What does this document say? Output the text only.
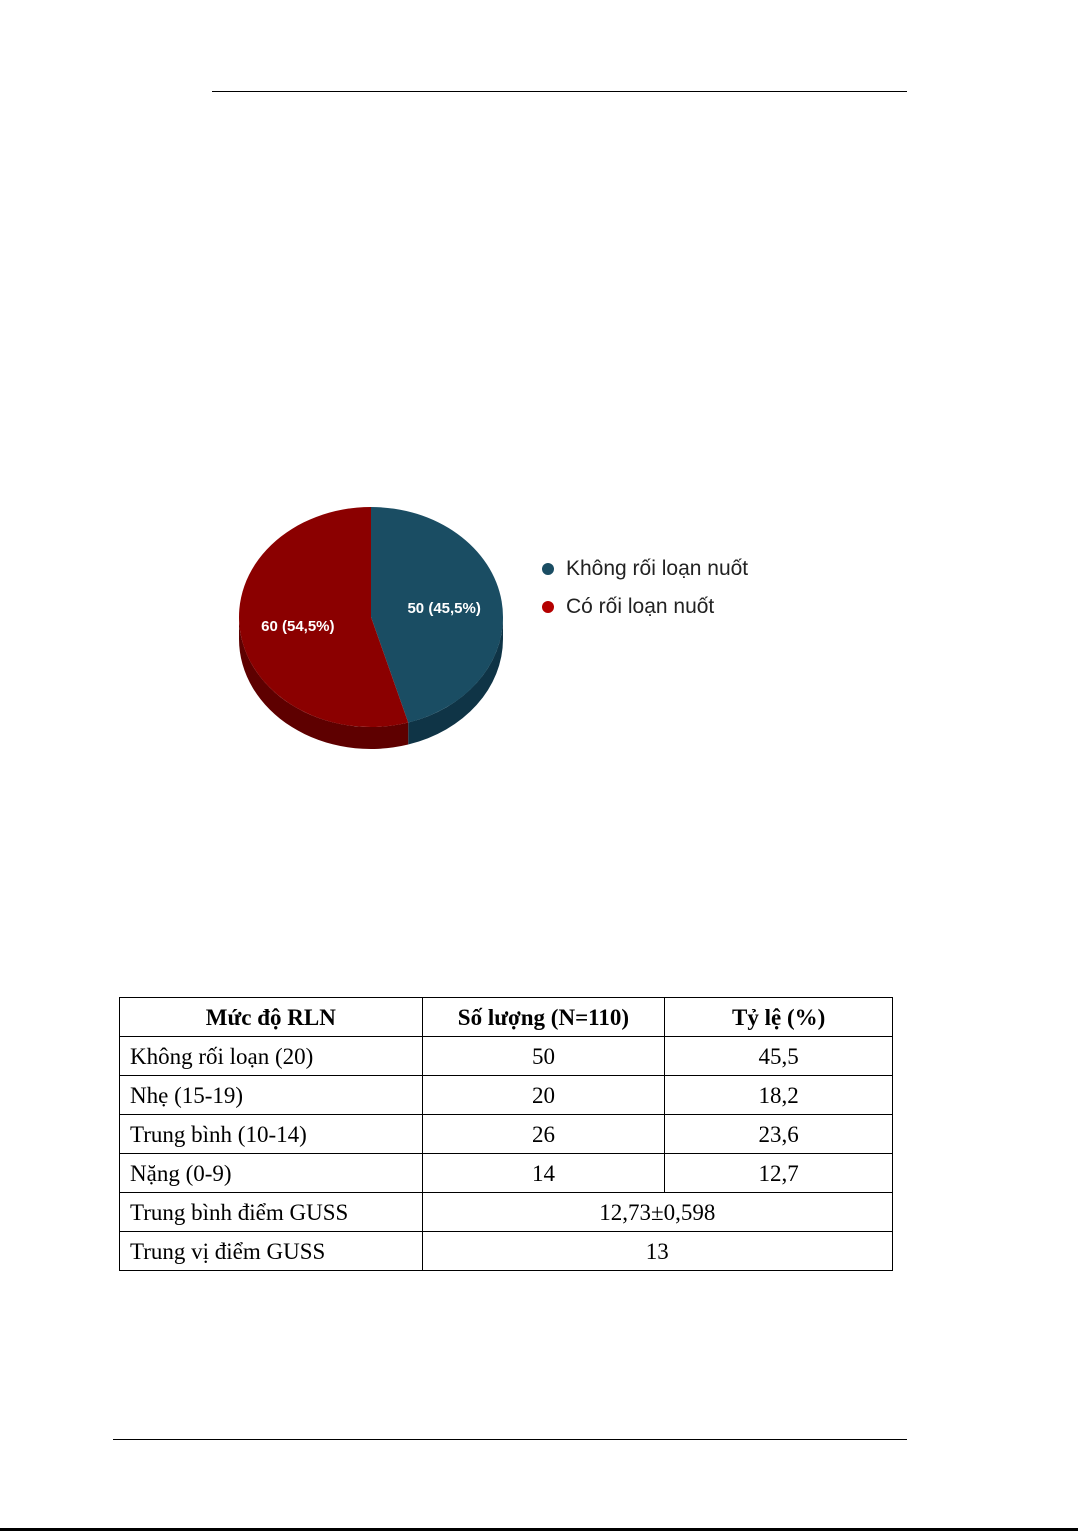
50 (45,5%)
60 (54,5%)
Không rối loạn nuốt
Có rối loạn nuốt
Mức độ RLN	Số lượng (N=110)	Tỷ lệ (%)
Không rối loạn (20)	50	45,5
Nhẹ (15-19)	20	18,2
Trung bình (10-14)	26	23,6
Nặng (0-9)	14	12,7
Trung bình điểm GUSS	12,73±0,598	
Trung vị điểm GUSS	13	
